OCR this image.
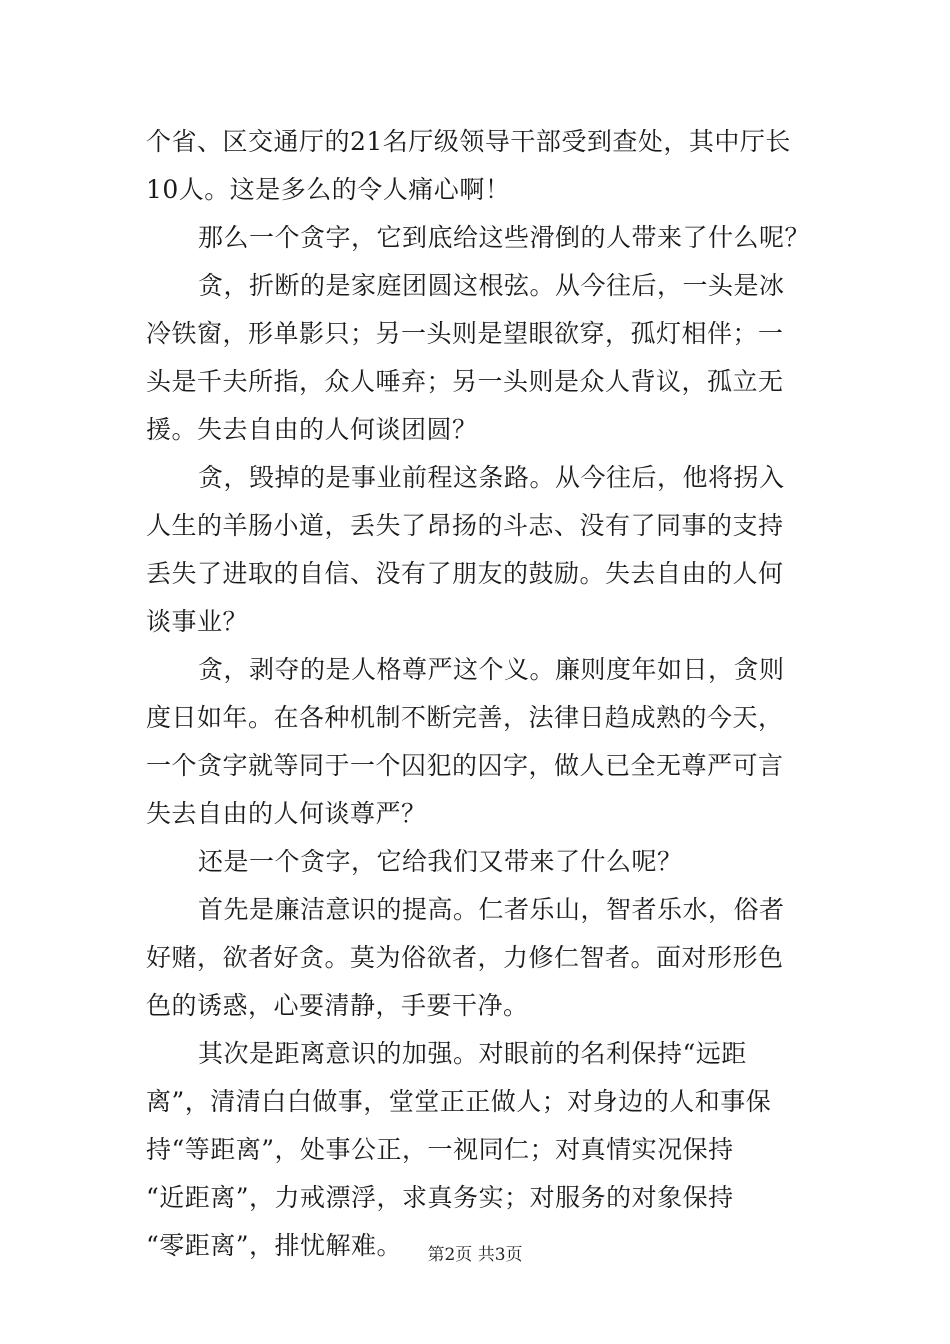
个省、区交通厅的21名厅级领导干部受到查处，其中厅长
10人。这是多么的令人痛心啊！
那么一个贪字，它到底给这些滑倒的人带来了什么呢？
贪，折断的是家庭团圆这根弦。从今往后，一头是冰
冷铁窗，形单影只；另一头则是望眼欲穿，孤灯相伴；一
头是千夫所指，众人唾弃；另一头则是众人背议，孤立无
援。失去自由的人何谈团圆？
贪，毁掉的是事业前程这条路。从今往后，他将拐入
人生的羊肠小道，丢失了昂扬的斗志、没有了同事的支持
丢失了进取的自信、没有了朋友的鼓励。失去自由的人何
谈事业？
贪，剥夺的是人格尊严这个义。廉则度年如日，贪则
度日如年。在各种机制不断完善，法律日趋成熟的今天，
一个贪字就等同于一个囚犯的囚字，做人已全无尊严可言
失去自由的人何谈尊严？
还是一个贪字，它给我们又带来了什么呢？
首先是廉洁意识的提高。仁者乐山，智者乐水，俗者
好赌，欲者好贪。莫为俗欲者，力修仁智者。面对形形色
色的诱惑，心要清静，手要干净。
其次是距离意识的加强。对眼前的名利保持“远距
离”，清清白白做事，堂堂正正做人；对身边的人和事保
持“等距离”，处事公正，一视同仁；对真情实况保持
“近距离”，力戒漂浮，求真务实；对服务的对象保持
“零距离”，排忧解难。	第2页 共3页
